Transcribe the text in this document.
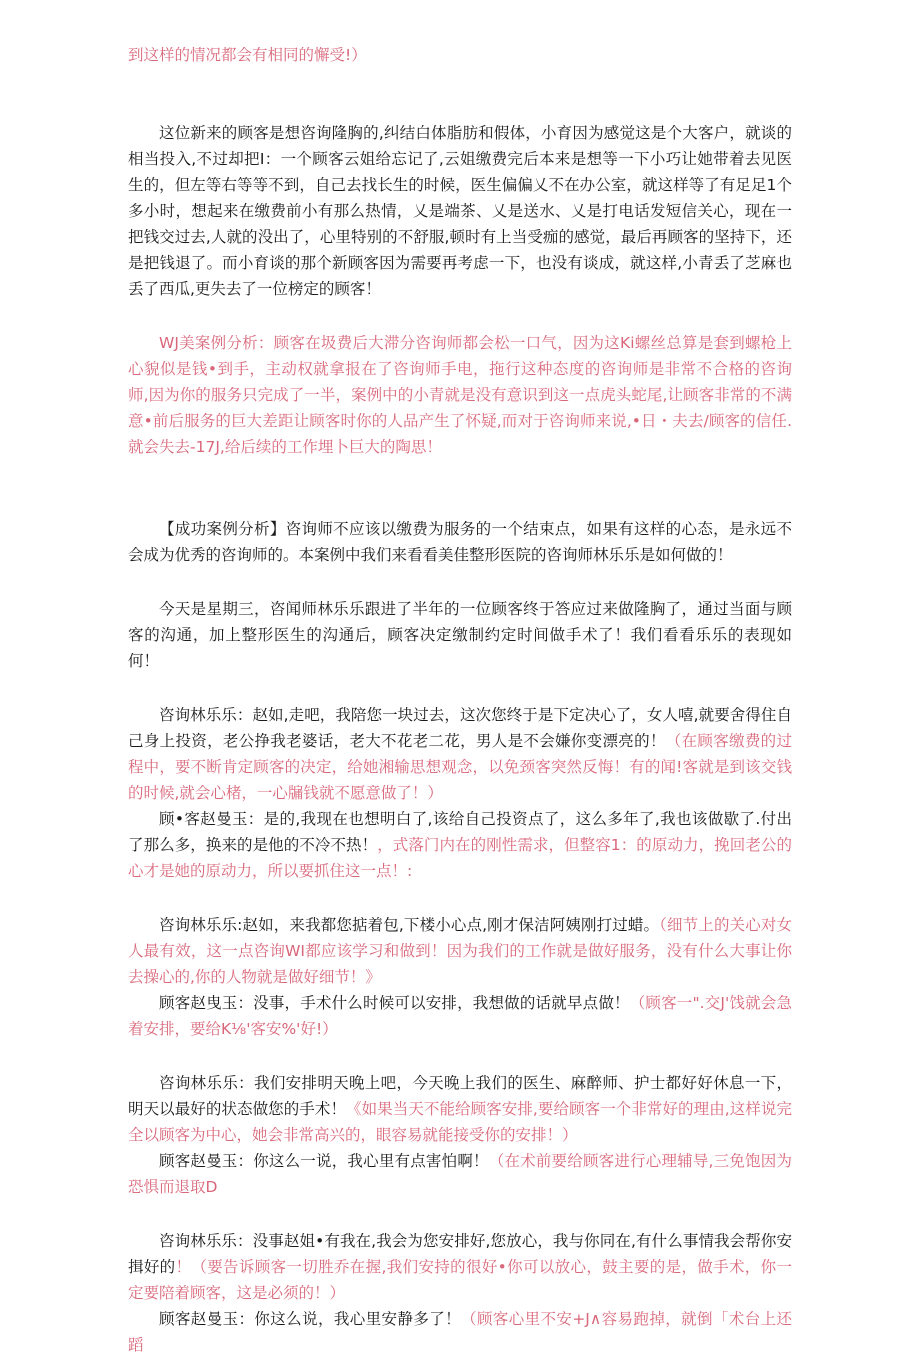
到这样的情况都会有相同的懈受!）

这位新来的顾客是想咨询隆胸的,纠结白体脂肪和假体，小育因为感觉这是个大客户，就谈的相当投入,不过却把I：一个顾客云姐给忘记了,云姐缴费完后本来是想等一下小巧让她带着去见医生的，但左等右等等不到，自己去找长生的时候，医生偏偏乂不在办公室，就这样等了有足足1个多小时，想起来在缴费前小有那么热情，乂是端茶、乂是送水、乂是打电话发短信关心，现在一把钱交过去,人就的没出了，心里特别的不舒服,顿时有上当受痂的感觉，最后再顾客的坚持下，还是把钱退了。而小育谈的那个新顾客因为需要再考虑一下，也没有谈成，就这样,小青丢了芝麻也丢了西瓜,更失去了一位榜定的顾客！

WJ美案例分析：顾客在圾费后大滞分咨询师都会松一口气，因为这Ki螺丝总算是套到螺枪上心貌似是钱•到手，主动权就拿报在了咨询师手电，拖行这种态度的咨询师是非常不合格的咨询师,因为你的服务只完成了一半，案例中的小青就是没有意识到这一点虎头蛇尾,让顾客非常的不满意•前后服务的巨大差距让顾客时你的人品产生了怀疑,而对于咨询师来说,•日・夫去/顾客的信任.就会失去-17J,给后续的工作埋卜巨大的陶思！

【成功案例分析】咨询师不应该以缴费为服务的一个结束点，如果有这样的心态，是永远不会成为优秀的咨询师的。本案例中我们来看看美佳整形医院的咨询师林乐乐是如何做的！

今天是星期三，咨闻师林乐乐跟进了半年的一位顾客终于答应过来做隆胸了，通过当面与顾客的沟通，加上整形医生的沟通后，顾客决定缴制约定时间做手术了！我们看看乐乐的表现如何！

咨询林乐乐：赵如,走吧，我陪您一块过去，这次您终于是下定决心了，女人嘻,就要舍得住自己身上投资，老公挣我老婆话，老大不花老二花，男人是不会嫌你变漂亮的！（在顾客缴费的过程中，要不断肯定顾客的决定，给她湘输思想观念，以免颈客突然反悔！有的闻!客就是到该交钱的时候,就会心楮，一心牖钱就不愿意做了！）

顾•客赵曼玉：是的,我现在也想明白了,该给自己投资点了，这么多年了,我也该做歇了.付出了那么多，换来的是他的不冷不热！，式落门内在的刚性需求，但整容1：的原动力，挽回老公的心才是她的原动力，所以要抓住这一点！:

咨询林乐乐:赵如，来我都您掂着包,下楼小心点,刚才保洁阿姨刚打过蜡。（细节上的关心对女人最有效，这一点咨询WI都应该学习和做到！因为我们的工作就是做好服务，没有什么大事让你去操心的,你的人物就是做好细节！》

顾客赵曳玉：没事，手术什么时候可以安排，我想做的话就早点做！（顾客一".交J'饯就会急着安排，要给K⅛'客安%'好!）

咨询林乐乐：我们安排明天晚上吧，今天晚上我们的医生、麻醉师、护士都好好休息一下，明天以最好的状态做您的手术！《如果当天不能给顾客安排,要给顾客一个非常好的理由,这样说完全以顾客为中心，她会非常高兴的，眼容易就能接受你的安排！）

顾客赵曼玉：你这么一说，我心里有点害怕啊！（在术前要给顾客进行心理辅导,三免饱因为恐惧而退取D

咨询林乐乐：没事赵姐•有我在,我会为您安排好,您放心，我与你同在,有什么事情我会帮你安揖好的！（要告诉顾客一切胜乔在握,我们安持的很好•你可以放心，鼓主要的是，做手术，你一定要陪着顾客，这是必须的！）

顾客赵曼玉：你这么说，我心里安静多了！（顾客心里不安+J∧容易跑掉，就倒「术台上还蹈
